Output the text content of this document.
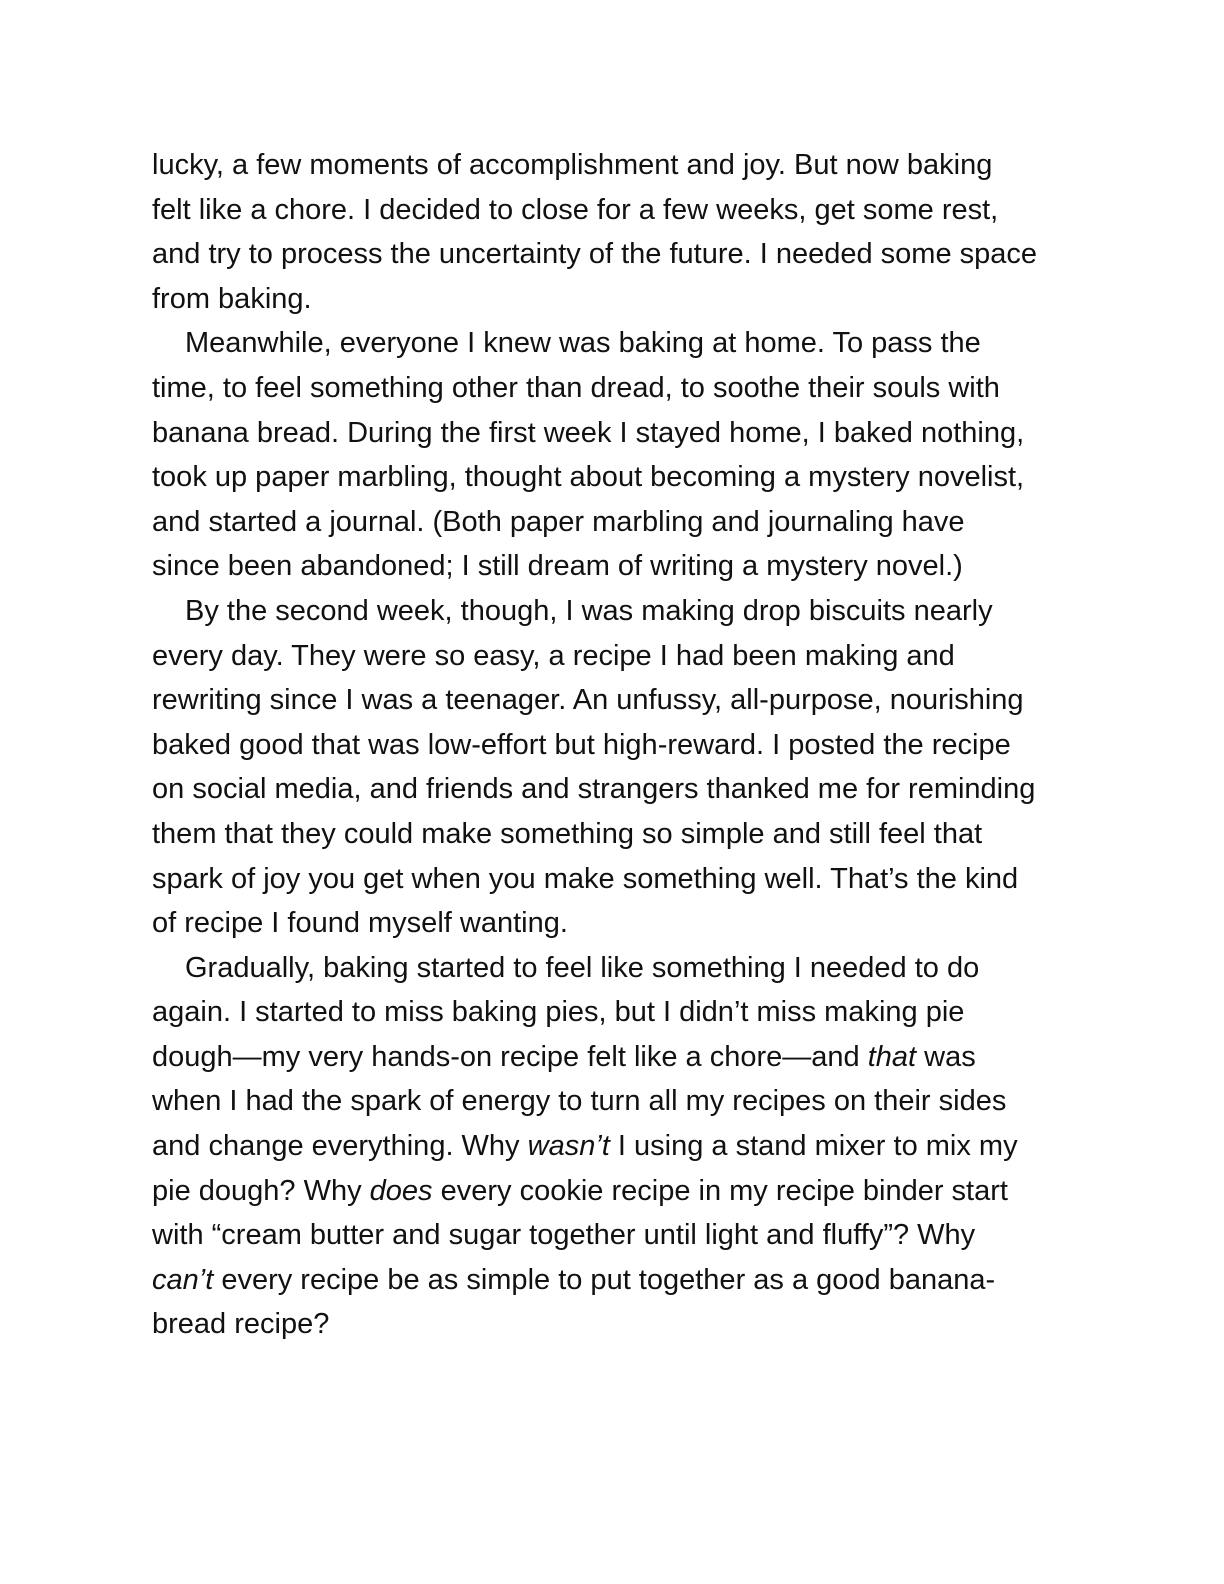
lucky, a few moments of accomplishment and joy. But now baking
felt like a chore. I decided to close for a few weeks, get some rest,
and try to process the uncertainty of the future. I needed some space
from baking.
Meanwhile, everyone I knew was baking at home. To pass the
time, to feel something other than dread, to soothe their souls with
banana bread. During the first week I stayed home, I baked nothing,
took up paper marbling, thought about becoming a mystery novelist,
and started a journal. (Both paper marbling and journaling have
since been abandoned; I still dream of writing a mystery novel.)
By the second week, though, I was making drop biscuits nearly
every day. They were so easy, a recipe I had been making and
rewriting since I was a teenager. An unfussy, all-purpose, nourishing
baked good that was low-effort but high-reward. I posted the recipe
on social media, and friends and strangers thanked me for reminding
them that they could make something so simple and still feel that
spark of joy you get when you make something well. That’s the kind
of recipe I found myself wanting.
Gradually, baking started to feel like something I needed to do
again. I started to miss baking pies, but I didn’t miss making pie
dough—my very hands-on recipe felt like a chore—and that was
when I had the spark of energy to turn all my recipes on their sides
and change everything. Why wasn’t I using a stand mixer to mix my
pie dough? Why does every cookie recipe in my recipe binder start
with “cream butter and sugar together until light and fluffy”? Why
can’t every recipe be as simple to put together as a good banana-
bread recipe?
